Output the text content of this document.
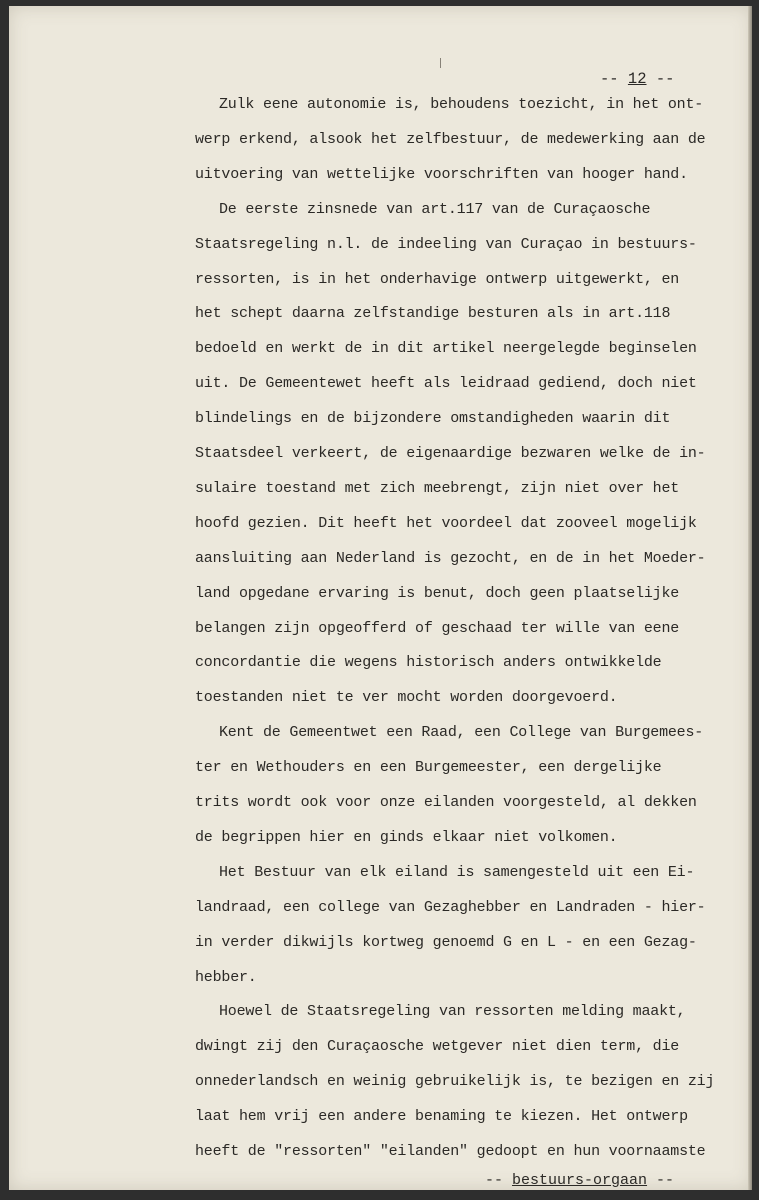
-- 12 --
Zulk eene autonomie is, behoudens toezicht, in het ont-
werp erkend, alsook het zelfbestuur, de medewerking aan de
uitvoering van wettelijke voorschriften van hooger hand.
De eerste zinsnede van art.117 van de Curaçaosche
Staatsregeling n.l. de indeeling van Curaçao in bestuurs-
ressorten, is in het onderhavige ontwerp uitgewerkt, en
het schept daarna zelfstandige besturen als in art.118
bedoeld en werkt de in dit artikel neergelegde beginselen
uit. De Gemeentewet heeft als leidraad gediend, doch niet
blindelings en de bijzondere omstandigheden waarin dit
Staatsdeel verkeert, de eigenaardige bezwaren welke de in-
sulaire toestand met zich meebrengt, zijn niet over het
hoofd gezien. Dit heeft het voordeel dat zooveel mogelijk
aansluiting aan Nederland is gezocht, en de in het Moeder-
land opgedane ervaring is benut, doch geen plaatselijke
belangen zijn opgeofferd of geschaad ter wille van eene
concordantie die wegens historisch anders ontwikkelde
toestanden niet te ver mocht worden doorgevoerd.
Kent de Gemeentwet een Raad, een College van Burgemees-
ter en Wethouders en een Burgemeester, een dergelijke
trits wordt ook voor onze eilanden voorgesteld, al dekken
de begrippen hier en ginds elkaar niet volkomen.
Het Bestuur van elk eiland is samengesteld uit een Ei-
landraad, een college van Gezaghebber en Landraden - hier-
in verder dikwijls kortweg genoemd G en L - en een Gezag-
hebber.
Hoewel de Staatsregeling van ressorten melding maakt,
dwingt zij den Curaçaosche wetgever niet dien term, die
onnederlandsch en weinig gebruikelijk is, te bezigen en zij
laat hem vrij een andere benaming te kiezen. Het ontwerp
heeft de "ressorten" "eilanden" gedoopt en hun voornaamste
-- bestuurs-orgaan --
